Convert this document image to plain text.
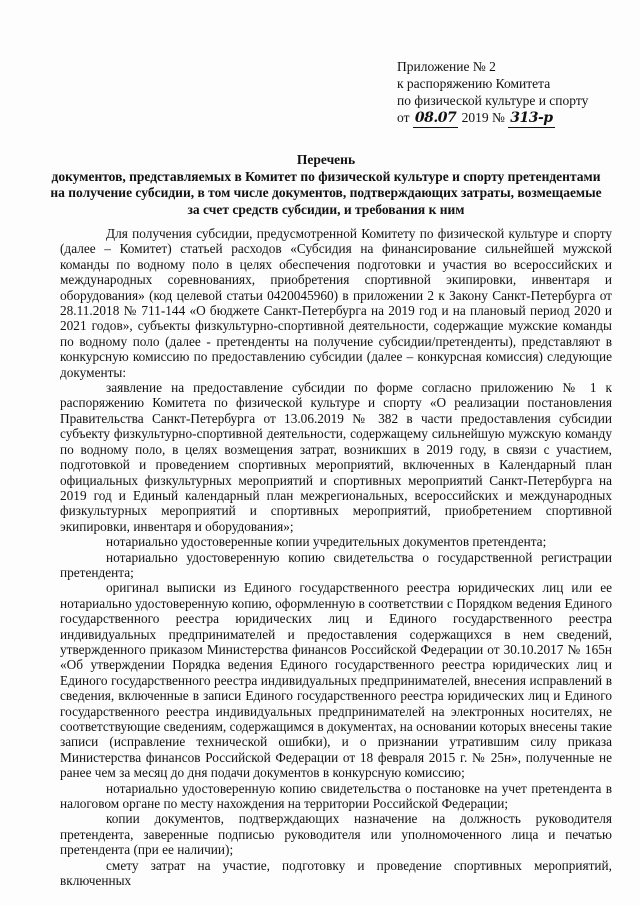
Приложение № 2
к распоряжению Комитета
по физической культуре и спорту
от 08.07 2019 № 313-р
Перечень
документов, представляемых в Комитет по физической культуре и спорту претендентами на получение субсидии, в том числе документов, подтверждающих затраты, возмещаемые за счет средств субсидии, и требования к ним

Для получения субсидии, предусмотренной Комитету по физической культуре и спорту (далее – Комитет) статьей расходов «Субсидия на финансирование сильнейшей мужской команды по водному поло в целях обеспечения подготовки и участия во всероссийских и международных соревнованиях, приобретения спортивной экипировки, инвентаря и оборудования» (код целевой статьи 0420045960) в приложении 2 к Закону Санкт-Петербурга от 28.11.2018 № 711-144 «О бюджете Санкт-Петербурга на 2019 год и на плановый период 2020 и 2021 годов», субъекты физкультурно-спортивной деятельности, содержащие мужские команды по водному поло (далее - претенденты на получение субсидии/претенденты), представляют в конкурсную комиссию по предоставлению субсидии (далее – конкурсная комиссия) следующие документы:

заявление на предоставление субсидии по форме согласно приложению № 1 к распоряжению Комитета по физической культуре и спорту «О реализации постановления Правительства Санкт-Петербурга от 13.06.2019 № 382 в части предоставления субсидии субъекту физкультурно-спортивной деятельности, содержащему сильнейшую мужскую команду по водному поло, в целях возмещения затрат, возникших в 2019 году, в связи с участием, подготовкой и проведением спортивных мероприятий, включенных в Календарный план официальных физкультурных мероприятий и спортивных мероприятий Санкт-Петербурга на 2019 год и Единый календарный план межрегиональных, всероссийских и международных физкультурных мероприятий и спортивных мероприятий, приобретением спортивной экипировки, инвентаря и оборудования»;

нотариально удостоверенные копии учредительных документов претендента;

нотариально удостоверенную копию свидетельства о государственной регистрации претендента;

оригинал выписки из Единого государственного реестра юридических лиц или ее нотариально удостоверенную копию, оформленную в соответствии с Порядком ведения Единого государственного реестра юридических лиц и Единого государственного реестра индивидуальных предпринимателей и предоставления содержащихся в нем сведений, утвержденного приказом Министерства финансов Российской Федерации от 30.10.2017 № 165н «Об утверждении Порядка ведения Единого государственного реестра юридических лиц и Единого государственного реестра индивидуальных предпринимателей, внесения исправлений в сведения, включенные в записи Единого государственного реестра юридических лиц и Единого государственного реестра индивидуальных предпринимателей на электронных носителях, не соответствующие сведениям, содержащимся в документах, на основании которых внесены такие записи (исправление технической ошибки), и о признании утратившим силу приказа Министерства финансов Российской Федерации от 18 февраля 2015 г. № 25н», полученные не ранее чем за месяц до дня подачи документов в конкурсную комиссию;

нотариально удостоверенную копию свидетельства о постановке на учет претендента в налоговом органе по месту нахождения на территории Российской Федерации;

копии документов, подтверждающих назначение на должность руководителя претендента, заверенные подписью руководителя или уполномоченного лица и печатью претендента (при ее наличии);

смету затрат на участие, подготовку и проведение спортивных мероприятий, включенных
